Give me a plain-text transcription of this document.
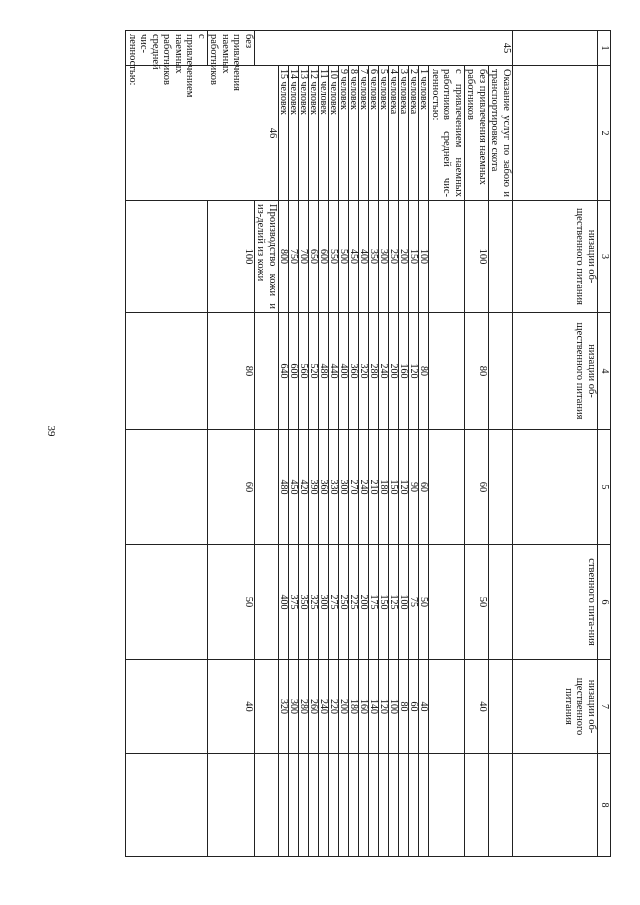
39
1	2	3	4	5	6	7	8	
		низации об-щественного питания	низации об-щественного питания		ственного пита-ния	низации об-щественного питания		
45	Оказание услуг по забою и транспортировке скота							
	без привлечения наемных работников	100	80	60	50	40		
	с привлечением наемных работников средней чис-ленностью:							
	1 человек	100	80	60	50	40		
	2 человека	150	120	90	75	60		
	3 человека	200	160	120	100	80		
	4 человека	250	200	150	125	100		
	5 человек	300	240	180	150	120		
	6 человек	350	280	210	175	140		
	7 человек	400	320	240	200	160		
	8 человек	450	360	270	225	180		
	9 человек	500	400	300	250	200		
	10 человек	550	440	330	275	220		
	11 человек	600	480	360	300	240		
	12 человек	650	520	390	325	260		
	13 человек	700	560	420	350	280		
	14 человек	750	600	450	375	300		
	15 человек	800	640	480	400	320		
	46	Производство кожи и из-делий из кожи						
без привлечения наемных работников		100	80	60	50	40		
с привлечением наемных работников средней чис-ленностью:								
